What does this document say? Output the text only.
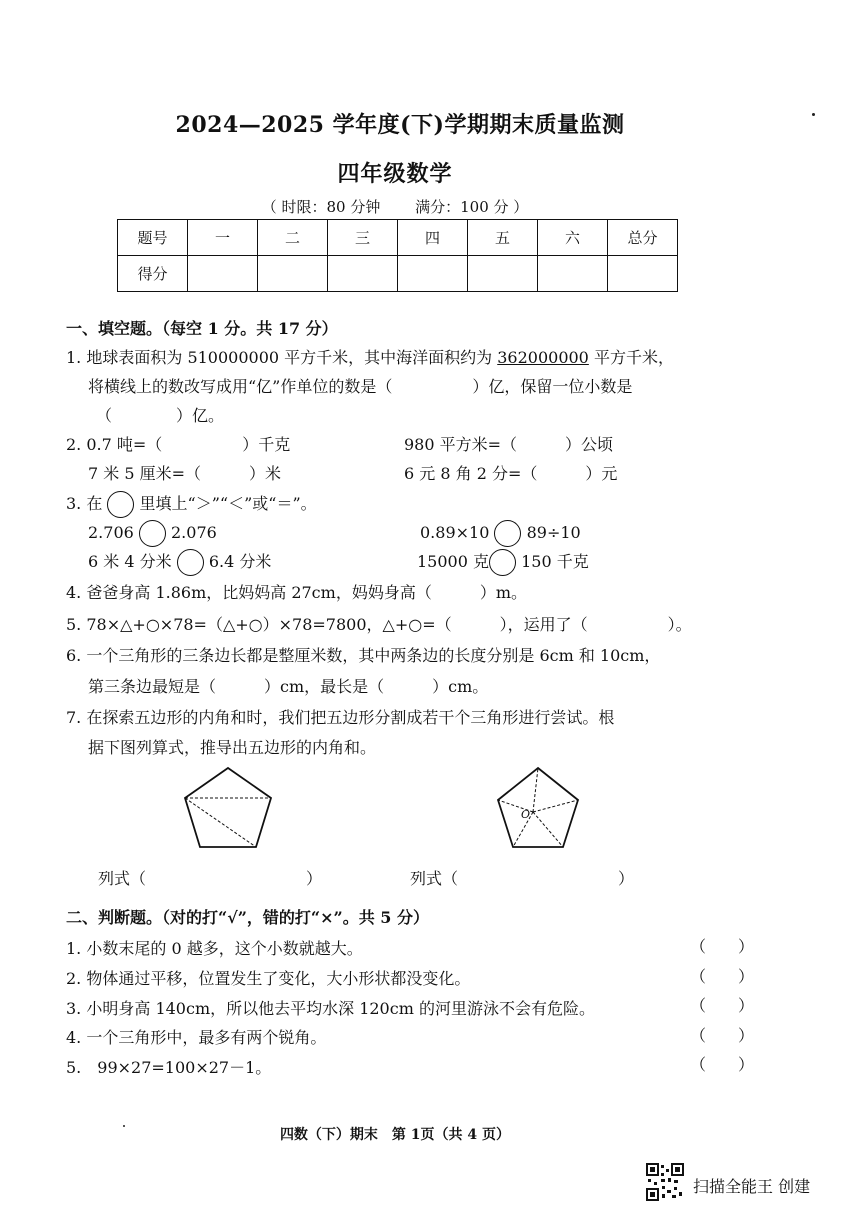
2024—2025 学年度(下)学期期末质量监测
四年级数学
（ 时限：80 分钟　　 满分：100 分 ）
题号	一	二	三	四	五	六	总分
得分							
一、填空题。（每空 1 分。共 17 分）
1. 地球表面积为 510000000 平方千米，其中海洋面积约为 362000000 平方千米，
将横线上的数改写成用“亿”作单位的数是（　　　　　）亿，保留一位小数是
（　　　　）亿。
2. 0.7 吨=（　　　　　）千克	980 平方米=（　　　）公顷
7 米 5 厘米=（　　　）米	6 元 8 角 2 分=（　　　）元
3. 在 里填上“＞”“＜”或“＝”。
2.706 2.076	0.89×10 89÷10
6 米 4 分米 6.4 分米	15000 克 150 千克
4. 爸爸身高 1.86m，比妈妈高 27cm，妈妈身高（　　　）m。
5. 78×△+○×78=（△+○）×78=7800，△+○=（　　　），运用了（　　　　　）。
6. 一个三角形的三条边长都是整厘米数，其中两条边的长度分别是 6cm 和 10cm，
第三条边最短是（　　　）cm，最长是（　　　）cm。
7. 在探索五边形的内角和时，我们把五边形分割成若干个三角形进行尝试。根
据下图列算式，推导出五边形的内角和。
O
列式（　　　　　　　　　　）	列式（　　　　　　　　　　）
二、判断题。（对的打“√”，错的打“×”。共 5 分）
1. 小数末尾的 0 越多，这个小数就越大。	（　　）
2. 物体通过平移，位置发生了变化，大小形状都没变化。	（　　）
3. 小明身高 140cm，所以他去平均水深 120cm 的河里游泳不会有危险。	（　　）
4. 一个三角形中，最多有两个锐角。	（　　）
5.　99×27=100×27－1。	（　　）
四数（下）期末　第 1页（共 4 页）
扫描全能王 创建
